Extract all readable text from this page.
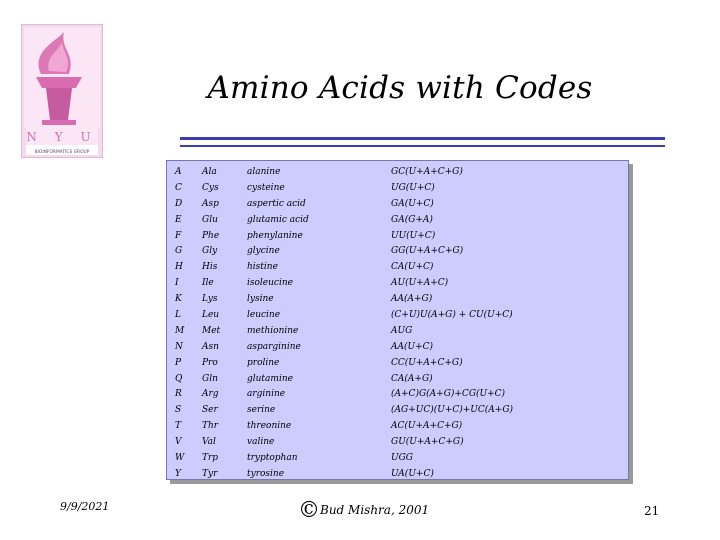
N Y U
BIOINFORMATICS GROUP
Amino Acids with Codes
A Ala	alanine	GC(U+A+C+G)
C Cys	cysteine	UG(U+C)
D Asp	aspertic acid	GA(U+C)
E Glu	glutamic acid	GA(G+A)
F Phe	phenylanine	UU(U+C)
G Gly	glycine	GG(U+A+C+G)
H His	histine	CA(U+C)
I	Ile	isoleucine	AU(U+A+C)
K Lys	lysine	AA(A+G)
L Leu	leucine	(C+U)U(A+G) + CU(U+C)
M Met	methionine	AUG
N Asn	asparginine	AA(U+C)
P Pro	proline	CC(U+A+C+G)
Q Gln	glutamine	CA(A+G)
R Arg	arginine	(A+C)G(A+G)+CG(U+C)
S Ser	serine	(AG+UC)(U+C)+UC(A+G)
T Thr	threonine	AC(U+A+C+G)
V Val	valine	GU(U+A+C+G)
W Trp	tryptophan	UGG
Y Tyr	tyrosine	UA(U+C)
9/9/2021	©Bud Mishra, 2001	21
